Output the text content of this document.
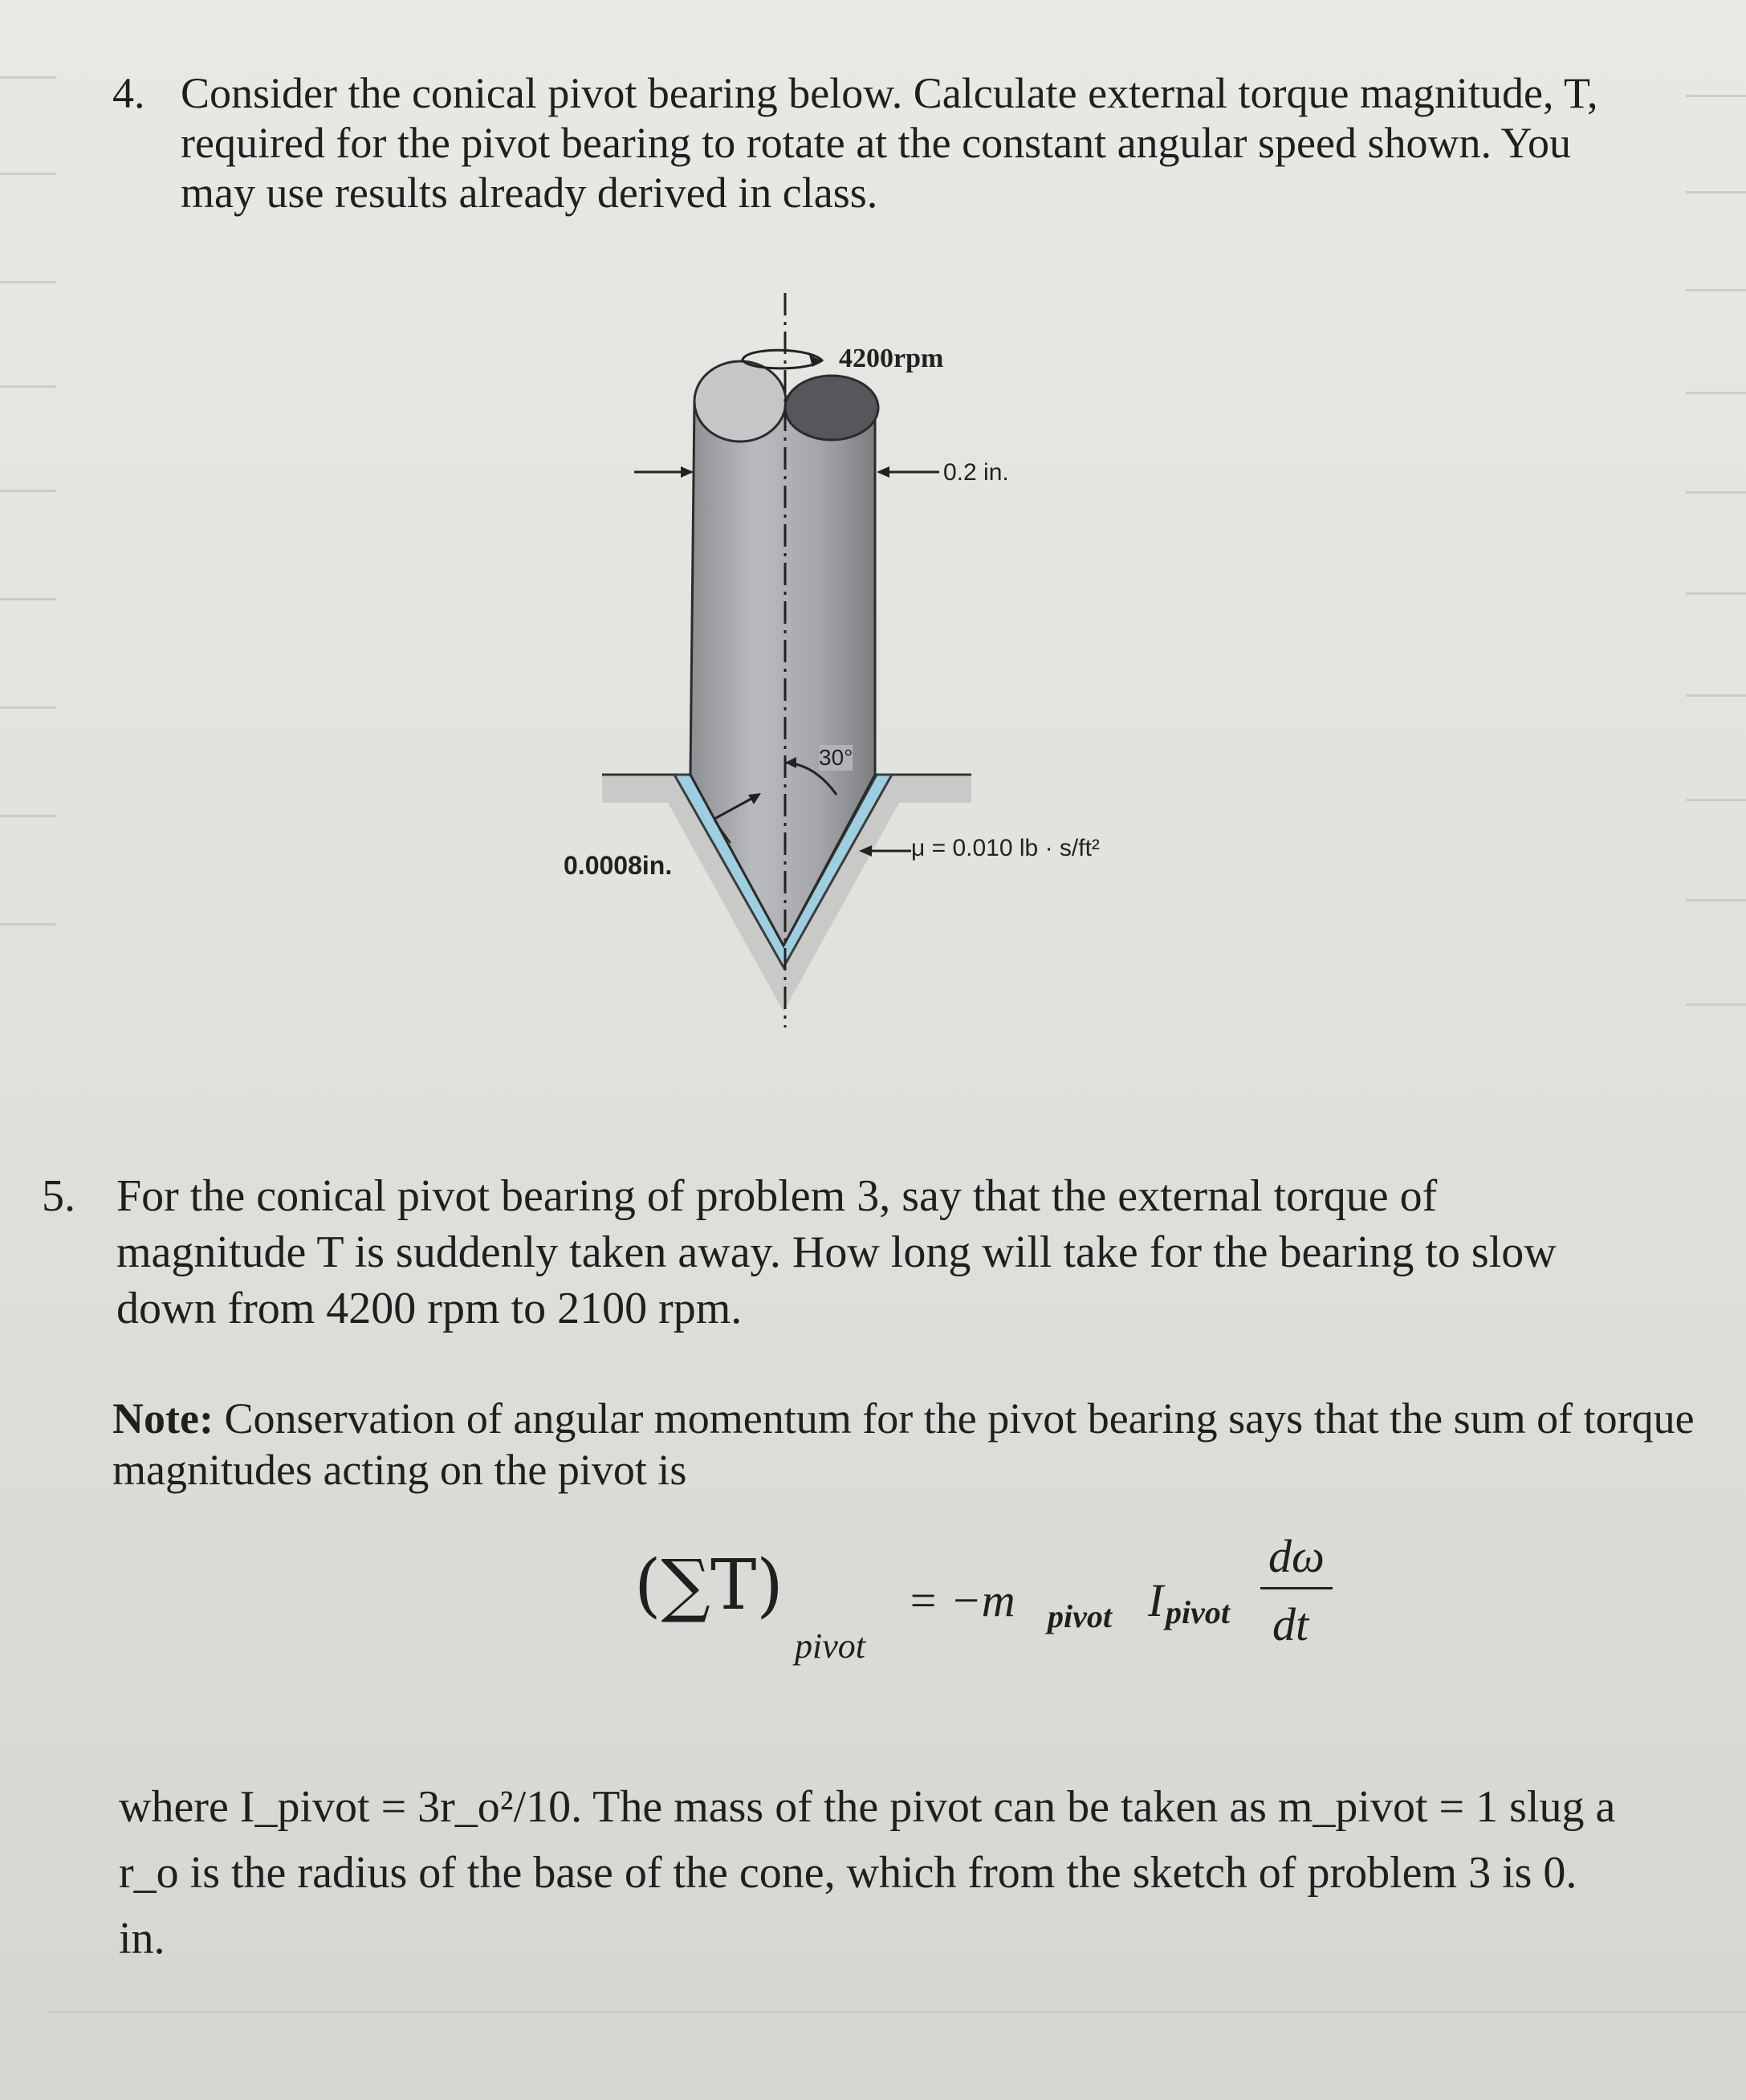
4. Consider the conical pivot bearing below. Calculate external torque magnitude, T,

required for the pivot bearing to rotate at the constant angular speed shown. You

may use results already derived in class.

4200rpm
0.2 in.
30°
0.0008in.
μ = 0.010 lb · s/ft²
5. For the conical pivot bearing of problem 3, say that the external torque of

magnitude T is suddenly taken away. How long will take for the bearing to slow

down from 4200 rpm to 2100 rpm.

Note: Conservation of angular momentum for the pivot bearing says that the sum of torque magnitudes acting on the pivot is
(∑T)
pivot
= −m pivot I pivot
dω
dt
where I_pivot = 3r_o²/10. The mass of the pivot can be taken as m_pivot = 1 slug a
r_o is the radius of the base of the cone, which from the sketch of problem 3 is 0.
in.
